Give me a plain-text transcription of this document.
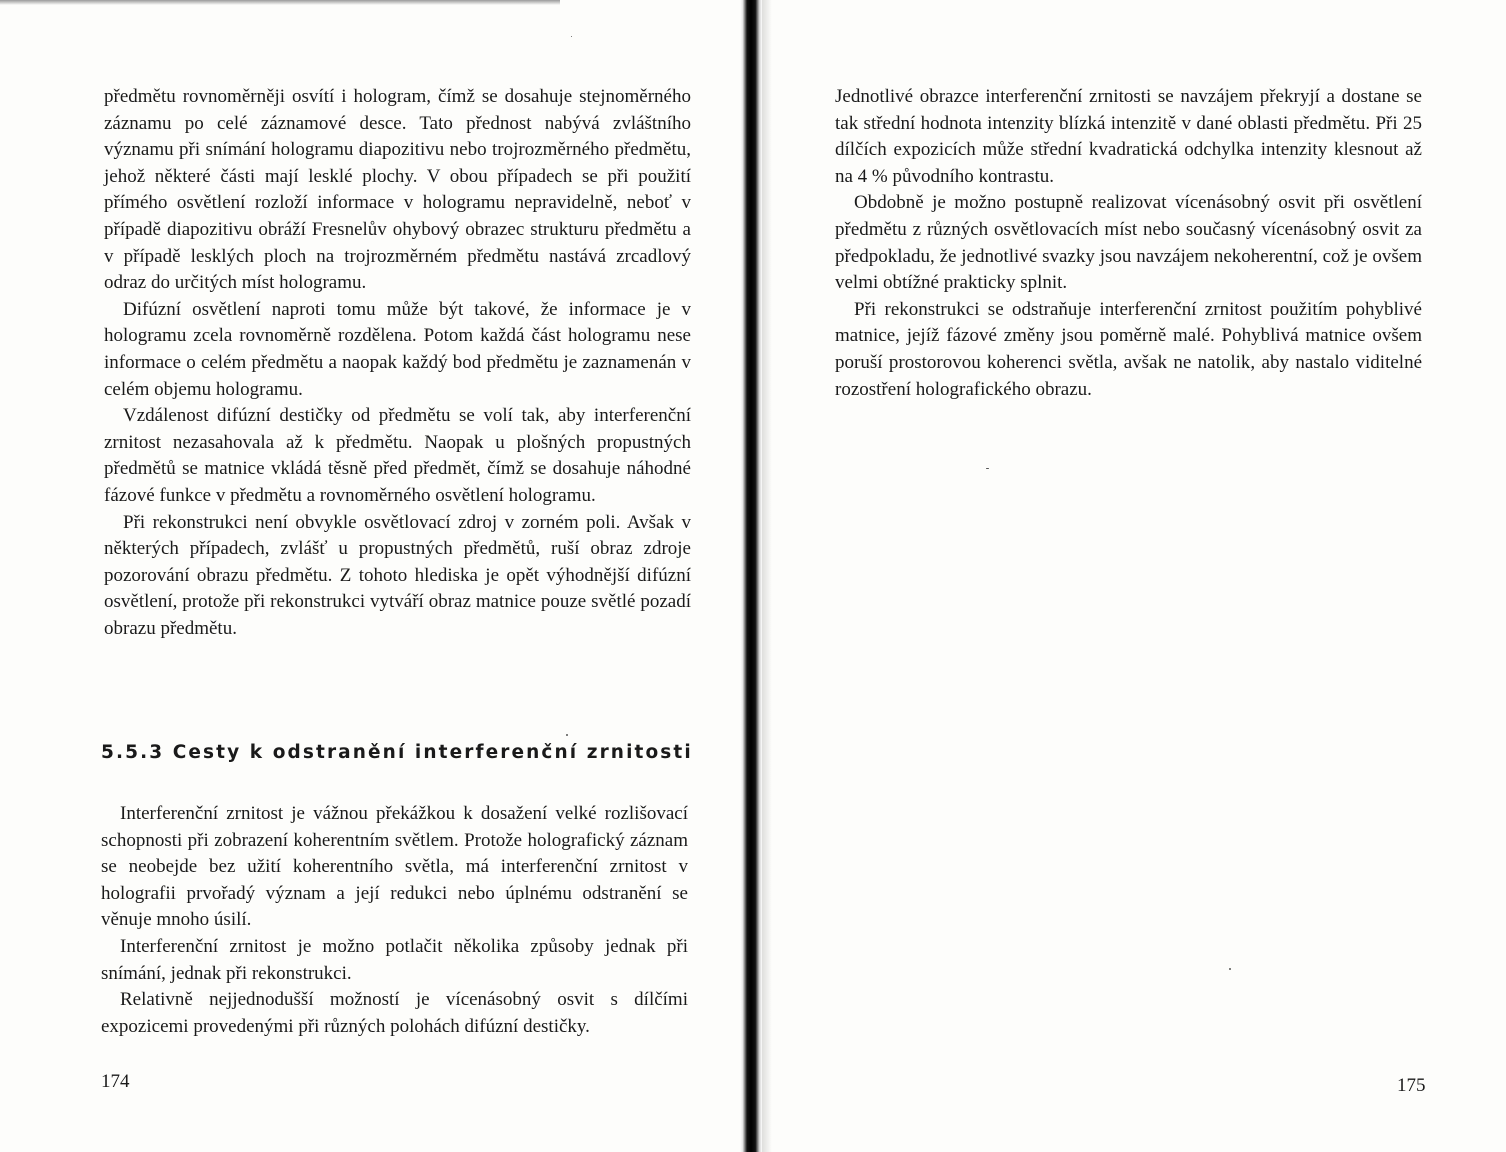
předmětu rovnoměrněji osvítí i hologram, čímž se dosahuje stejnoměrného záznamu po celé záznamové desce. Tato přednost nabývá zvláštního významu při snímání hologramu diapozitivu nebo trojrozměrného předmětu, jehož některé části mají lesklé plochy. V obou případech se při použití přímého osvětlení rozloží informace v hologramu nepravidelně, neboť v případě diapozitivu obráží Fresnelův ohybový obrazec strukturu předmětu a v případě lesklých ploch na trojrozměrném předmětu nastává zrcadlový odraz do určitých míst hologramu.

Difúzní osvětlení naproti tomu může být takové, že informace je v hologramu zcela rovnoměrně rozdělena. Potom každá část hologramu nese informace o celém předmětu a naopak každý bod předmětu je zaznamenán v celém objemu hologramu.

Vzdálenost difúzní destičky od předmětu se volí tak, aby interferenční zrnitost nezasahovala až k předmětu. Naopak u plošných propustných předmětů se matnice vkládá těsně před předmět, čímž se dosahuje náhodné fázové funkce v předmětu a rovnoměrného osvětlení hologramu.

Při rekonstrukci není obvykle osvětlovací zdroj v zorném poli. Avšak v některých případech, zvlášť u propustných předmětů, ruší obraz zdroje pozorování obrazu předmětu. Z tohoto hlediska je opět výhodnější difúzní osvětlení, protože při rekonstrukci vytváří obraz matnice pouze světlé pozadí obrazu předmětu.

5.5.3 Cesty k odstranění interferenční zrnitosti

Interferenční zrnitost je vážnou překážkou k dosažení velké rozlišovací schopnosti při zobrazení koherentním světlem. Protože holografický záznam se neobejde bez užití koherentního světla, má interferenční zrnitost v holografii prvořadý význam a její redukci nebo úplnému odstranění se věnuje mnoho úsilí.

Interferenční zrnitost je možno potlačit několika způsoby jednak při snímání, jednak při rekonstrukci.

Relativně nejjednodušší možností je vícenásobný osvit s dílčími expozicemi provedenými při různých polohách difúzní destičky.

174

Jednotlivé obrazce interferenční zrnitosti se navzájem překryjí a dostane se tak střední hodnota intenzity blízká intenzitě v dané oblasti předmětu. Při 25 dílčích expozicích může střední kvadratická odchylka intenzity klesnout až na 4 % původního kontrastu.

Obdobně je možno postupně realizovat vícenásobný osvit při osvětlení předmětu z různých osvětlovacích míst nebo současný vícenásobný osvit za předpokladu, že jednotlivé svazky jsou navzájem nekoherentní, což je ovšem velmi obtížné prakticky splnit.

Při rekonstrukci se odstraňuje interferenční zrnitost použitím pohyblivé matnice, jejíž fázové změny jsou poměrně malé. Pohyblivá matnice ovšem poruší prostorovou koherenci světla, avšak ne natolik, aby nastalo viditelné rozostření holografického obrazu.

175
